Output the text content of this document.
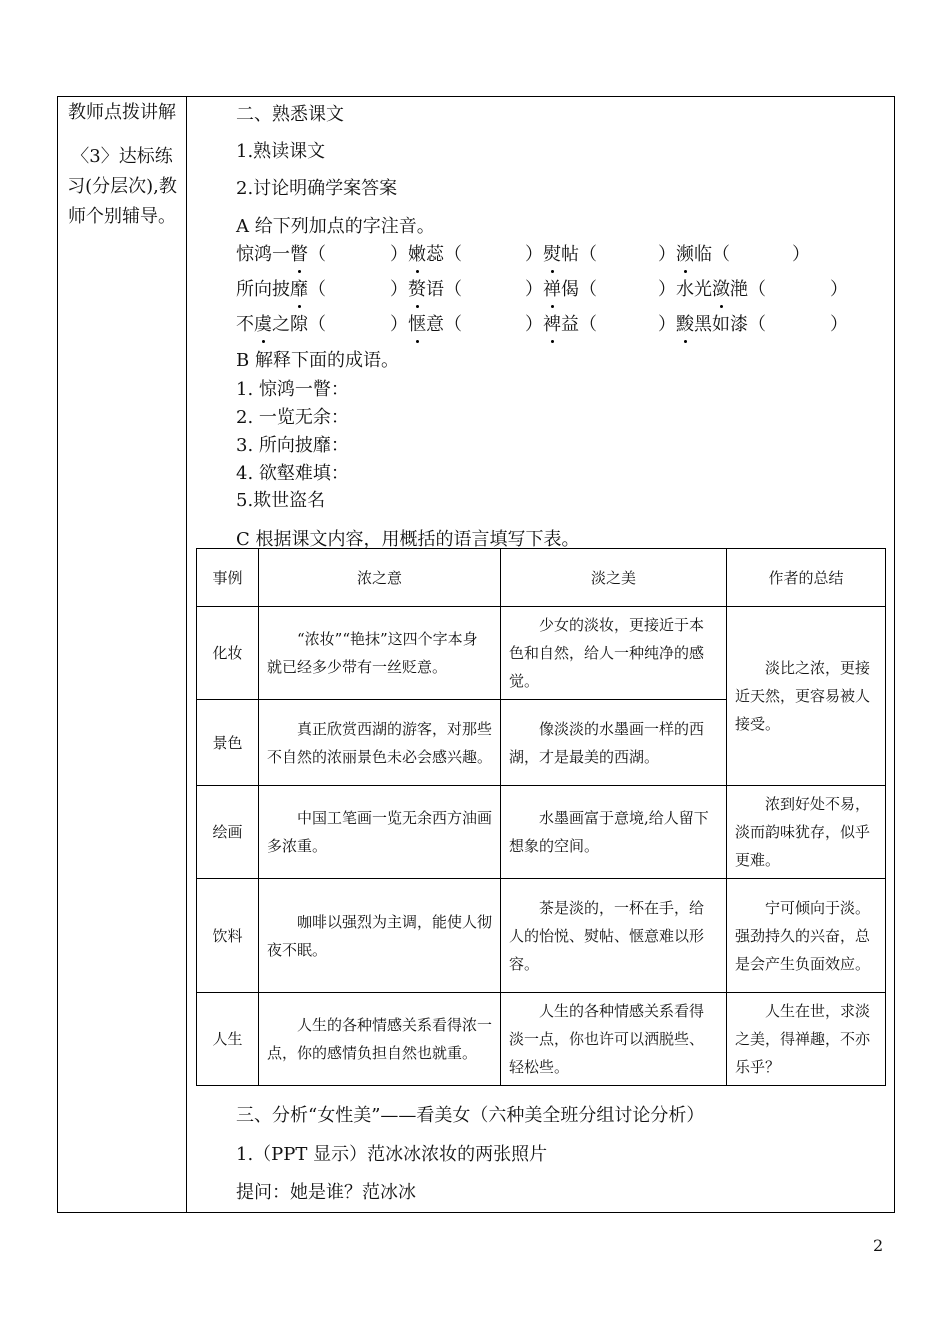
教师点拨讲解

〈3〉达标练习(分层次),教师个别辅导。

二、熟悉课文
1.熟读课文
2.讨论明确学案答案
A 给下列加点的字注音。
惊鸿一瞥（	） 嫩蕊（	） 熨帖（	） 濒临（	）
所向披靡（	） 赘语（	） 禅偈（	） 水光潋滟（	）
不虞之隙（	） 惬意（	） 裨益（	） 黢黑如漆（	）
B 解释下面的成语。
1. 惊鸿一瞥：
2. 一览无余：
3. 所向披靡：
4. 欲壑难填：
5.欺世盗名
C 根据课文内容，用概括的语言填写下表。
事例	浓之意	淡之美	作者的总结
化妆	“浓妆”“艳抹”这四个字本身就已经多少带有一丝贬意。	少女的淡妆，更接近于本色和自然，给人一种纯净的感觉。	淡比之浓，更接近天然，更容易被人接受。
景色	真正欣赏西湖的游客，对那些不自然的浓丽景色未必会感兴趣。	像淡淡的水墨画一样的西湖，才是最美的西湖。	
绘画	中国工笔画一览无余西方油画多浓重。	水墨画富于意境,给人留下想象的空间。	浓到好处不易，淡而韵味犹存，似乎更难。
饮料	咖啡以强烈为主调，能使人彻夜不眠。	茶是淡的，一杯在手，给人的怡悦、熨帖、惬意难以形容。	宁可倾向于淡。强劲持久的兴奋，总是会产生负面效应。
人生	人生的各种情感关系看得浓一点，你的感情负担自然也就重。	人生的各种情感关系看得淡一点，你也许可以洒脱些、轻松些。	人生在世，求淡之美，得禅趣，不亦乐乎？
三、分析“女性美”——看美女（六种美全班分组讨论分析）
1.（PPT 显示）范冰冰浓妆的两张照片
提问：她是谁？范冰冰
2
